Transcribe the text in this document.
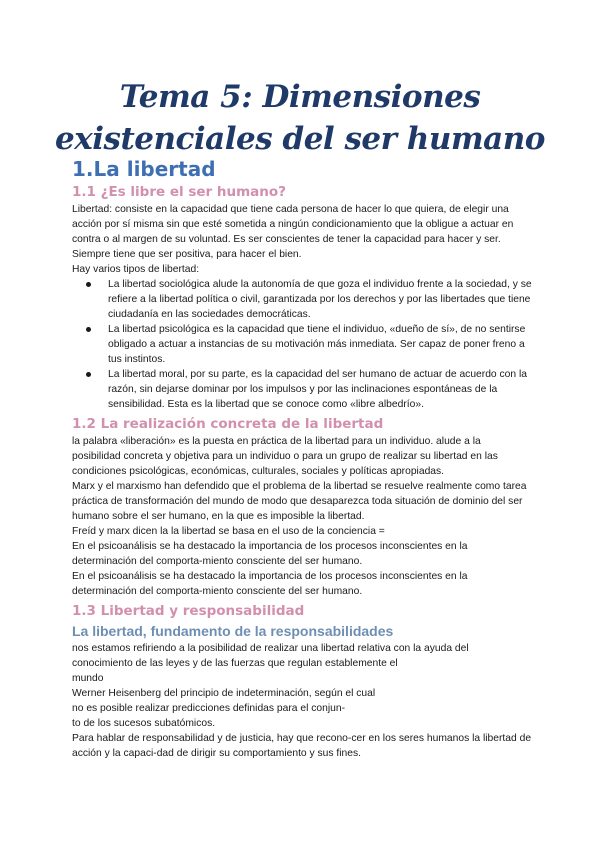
Tema 5: Dimensiones existenciales del ser humano
1.La libertad
1.1 ¿Es libre el ser humano?

Libertad: consiste en la capacidad que tiene cada persona de hacer lo que quiera, de elegir una acción por sí misma sin que esté sometida a ningún condicionamiento que la obligue a actuar en contra o al margen de su voluntad. Es ser conscientes de tener la capacidad para hacer y ser. Siempre tiene que ser positiva, para hacer el bien.

Hay varios tipos de libertad:

La libertad sociológica alude la autonomía de que goza el individuo frente a la sociedad, y se refiere a la libertad política o civil, garantizada por los derechos y por las libertades que tiene ciudadanía en las sociedades democráticas.
La libertad psicológica es la capacidad que tiene el individuo, «dueño de sí», de no sentirse obligado a actuar a instancias de su motivación más inmediata. Ser capaz de poner freno a tus instintos.
La libertad moral, por su parte, es la capacidad del ser humano de actuar de acuerdo con la razón, sin dejarse dominar por los impulsos y por las inclinaciones espontáneas de la sensibilidad. Esta es la libertad que se conoce como «libre albedrío».
1.2 La realización concreta de la libertad

la palabra «liberación» es la puesta en práctica de la libertad para un individuo. alude a la posibilidad concreta y objetiva para un individuo o para un grupo de realizar su libertad en las condiciones psicológicas, económicas, culturales, sociales y políticas apropiadas.

Marx y el marxismo han defendido que el problema de la libertad se resuelve realmente como tarea práctica de transformación del mundo de modo que desaparezca toda situación de dominio del ser humano sobre el ser humano, en la que es imposible la libertad.

Freíd y marx dicen la la libertad se basa en el uso de la conciencia =

En el psicoanálisis se ha destacado la importancia de los procesos inconscientes en la determinación del comporta-miento consciente del ser humano.

En el psicoanálisis se ha destacado la importancia de los procesos inconscientes en la determinación del comporta-miento consciente del ser humano.

1.3 Libertad y responsabilidad
La libertad, fundamento de la responsabilidades

nos estamos refiriendo a la posibilidad de realizar una libertad relativa con la ayuda del conocimiento de las leyes y de las fuerzas que regulan establemente el

mundo

Werner Heisenberg del principio de indeterminación, según el cual

no es posible realizar predicciones definidas para el conjun-

to de los sucesos subatómicos.

Para hablar de responsabilidad y de justicia, hay que recono-cer en los seres humanos la libertad de acción y la capaci-dad de dirigir su comportamiento y sus fines.
